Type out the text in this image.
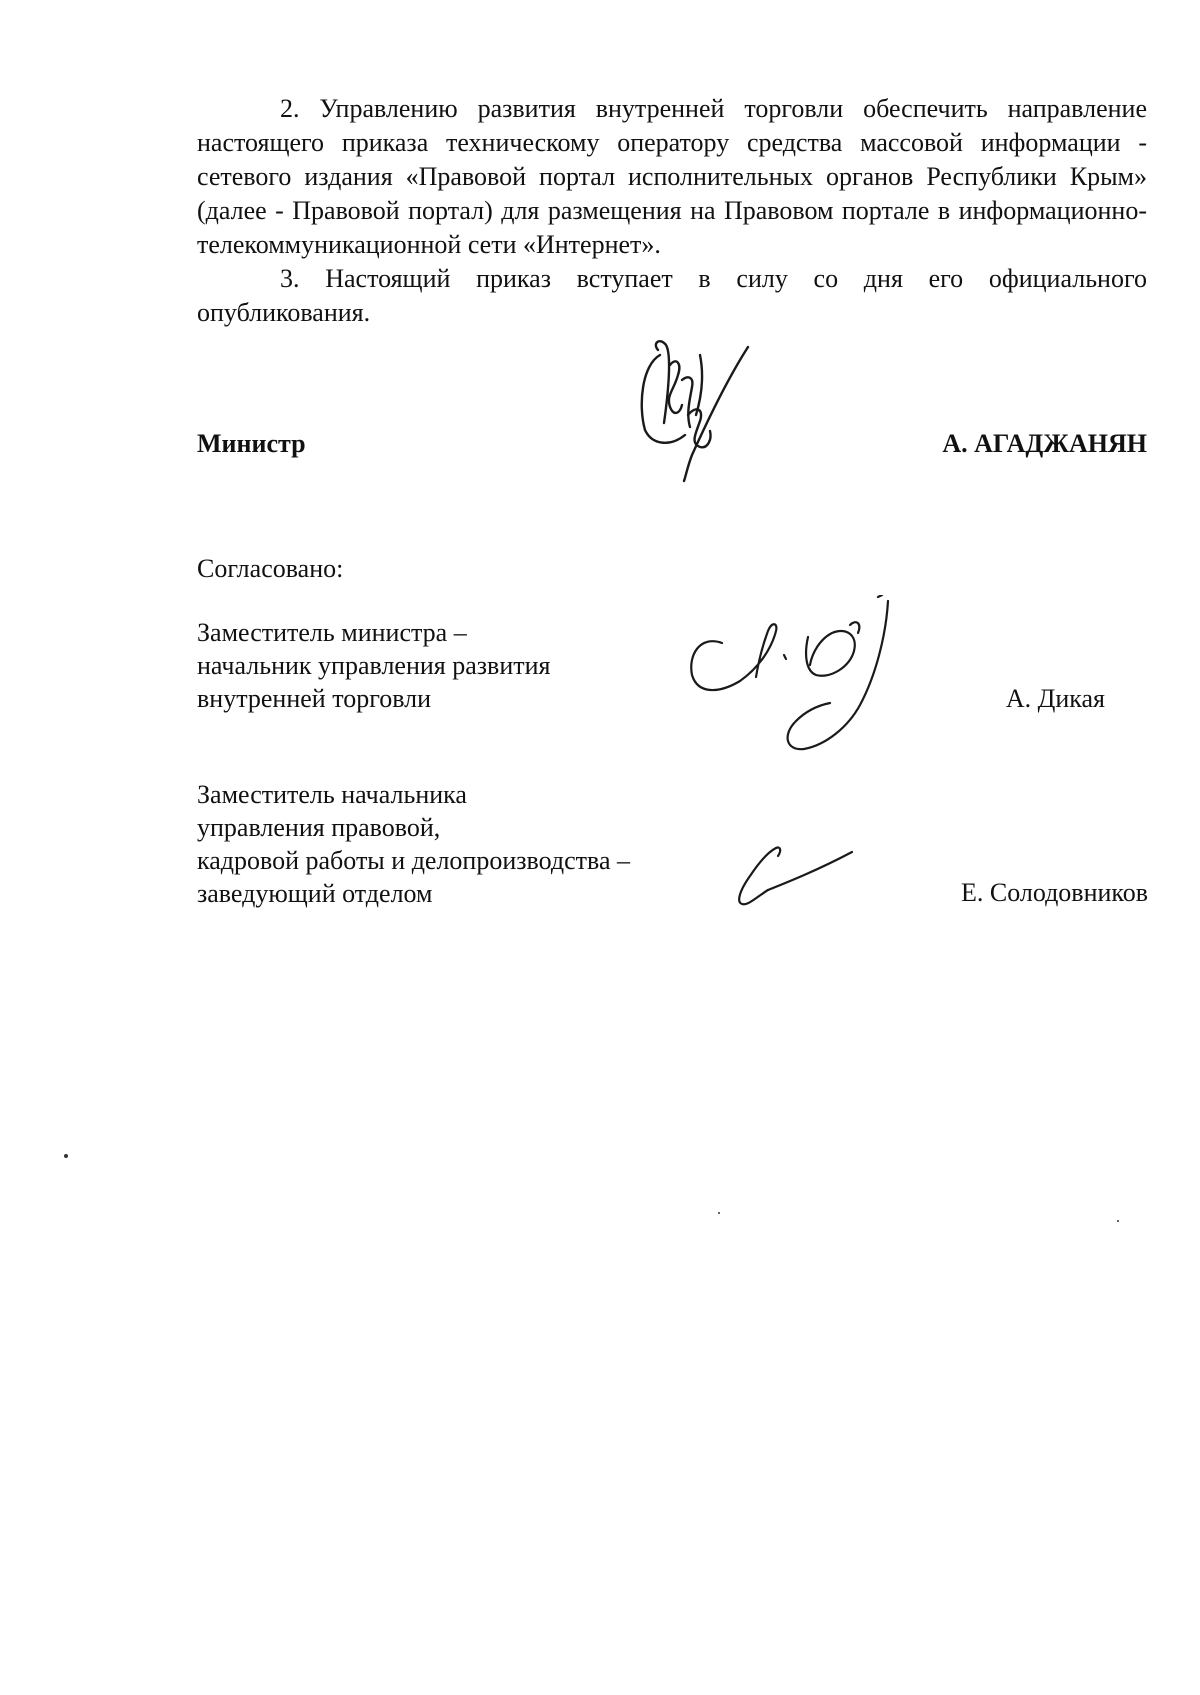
2. Управлению развития внутренней торговли обеспечить направление настоящего приказа техническому оператору средства массовой информации - сетевого издания «Правовой портал исполнительных органов Республики Крым» (далее - Правовой портал) для размещения на Правовом портале в информационно-телекоммуникационной сети «Интернет».

3. Настоящий приказ вступает в силу со дня его официального опубликования.

Министр	А. АГАДЖАНЯН
Согласовано:
Заместитель министра –
начальник управления развития
внутренней торговли	А. Дикая
Заместитель начальника
управления правовой,
кадровой работы и делопроизводства –
заведующий отделом	Е. Солодовников
